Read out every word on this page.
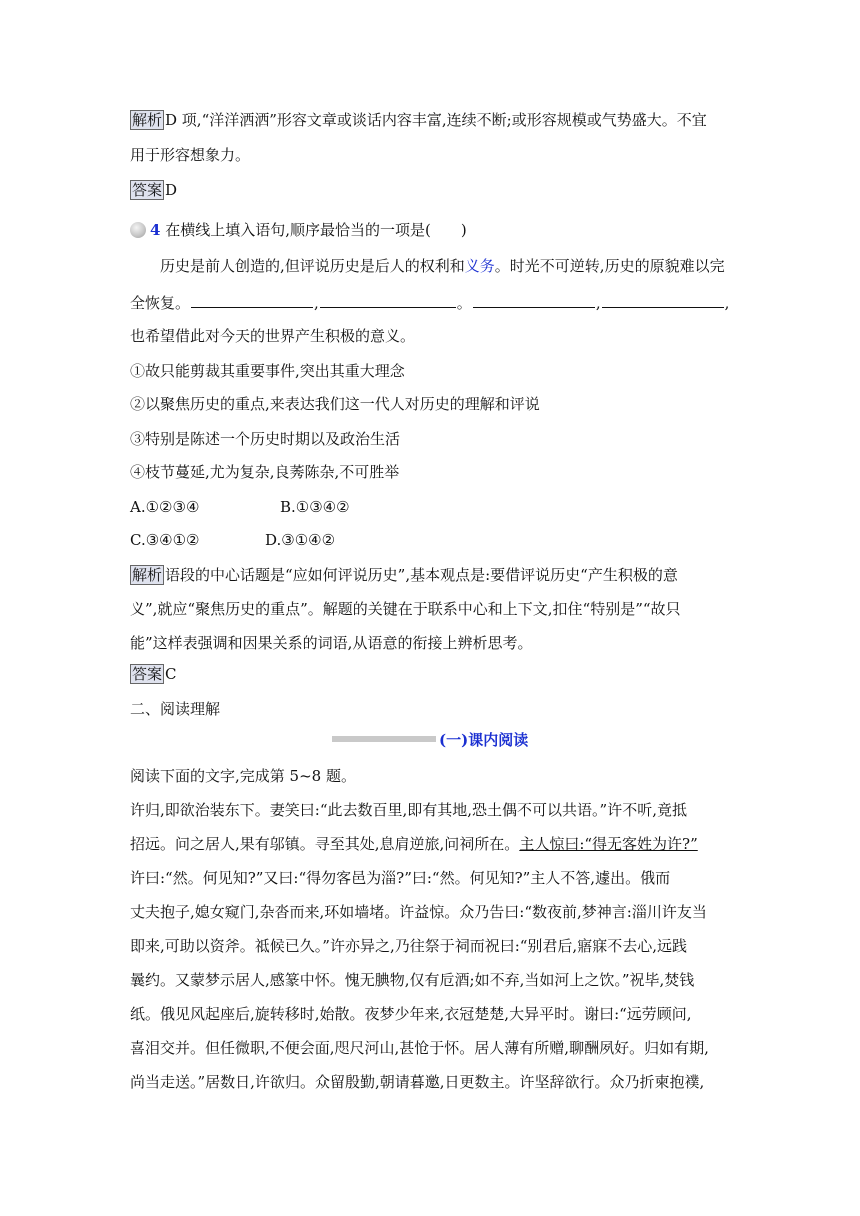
解析 D 项,“洋洋洒洒”形容文章或谈话内容丰富,连续不断;或形容规模或气势盛大。不宜
用于形容想象力。
答案 D
4 在横线上填入语句,顺序最恰当的一项是(　　)
历史是前人创造的,但评说历史是后人的权利和义务。时光不可逆转,历史的原貌难以完
全恢复。	,	。	,	,
也希望借此对今天的世界产生积极的意义。
①故只能剪裁其重要事件,突出其重大理念
②以聚焦历史的重点,来表达我们这一代人对历史的理解和评说
③特别是陈述一个历史时期以及政治生活
④枝节蔓延,尤为复杂,良莠陈杂,不可胜举
A.①②③④	B.①③④②
C.③④①②	D.③①④②
解析 语段的中心话题是“应如何评说历史”,基本观点是:要借评说历史“产生积极的意
义”,就应“聚焦历史的重点”。解题的关键在于联系中心和上下文,扣住“特别是”“故只
能”这样表强调和因果关系的词语,从语意的衔接上辨析思考。
答案 C
二、阅读理解
(一)课内阅读
阅读下面的文字,完成第 5~8 题。
许归,即欲治装东下。妻笑曰:“此去数百里,即有其地,恐土偶不可以共语。”许不听,竟抵
招远。问之居人,果有邬镇。寻至其处,息肩逆旅,问祠所在。主人惊曰:“得无客姓为许?”
许曰:“然。何见知?”又曰:“得勿客邑为淄?”曰:“然。何见知?”主人不答,遽出。俄而
丈夫抱子,媳女窥门,杂沓而来,环如墙堵。许益惊。众乃告曰:“数夜前,梦神言:淄川许友当
即来,可助以资斧。祗候已久。”许亦异之,乃往祭于祠而祝曰:“别君后,寤寐不去心,远践
曩约。又蒙梦示居人,感篆中怀。愧无腆物,仅有卮酒;如不弃,当如河上之饮。”祝毕,焚钱
纸。俄见风起座后,旋转移时,始散。夜梦少年来,衣冠楚楚,大异平时。谢曰:“远劳顾问,
喜泪交并。但任微职,不便会面,咫尺河山,甚怆于怀。居人薄有所赠,聊酬夙好。归如有期,
尚当走送。”居数日,许欲归。众留殷勤,朝请暮邀,日更数主。许坚辞欲行。众乃折柬抱襆,
